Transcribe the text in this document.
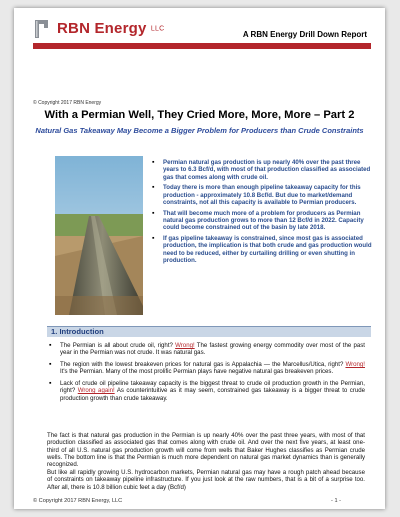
RBN Energy LLC
A RBN Energy Drill Down Report
© Copyright 2017 RBN Energy
With a Permian Well, They Cried More, More, More – Part 2
Natural Gas Takeaway May Become a Bigger Problem for Producers than Crude Constraints
▪ Permian natural gas production is up nearly 40% over the past three years to 6.3 Bcf/d, with most of that production classified as associated gas that comes along with crude oil.
▪ Today there is more than enough pipeline takeaway capacity for this production - approximately 10.8 Bcf/d. But due to market/demand constraints, not all this capacity is available to Permian producers.
▪ That will become much more of a problem for producers as Permian natural gas production grows to more than 12 Bcf/d in 2022. Capacity could become constrained out of the basin by late 2018.
▪ If gas pipeline takeaway is constrained, since most gas is associated production, the implication is that both crude and gas production would need to be reduced, either by curtailing drilling or even shutting in production.
1. Introduction
▪ The Permian is all about crude oil, right? Wrong! The fastest growing energy commodity over most of the past year in the Permian was not crude. It was natural gas.
▪ The region with the lowest breakeven prices for natural gas is Appalachia — the Marcellus/Utica, right? Wrong! It's the Permian. Many of the most prolific Permian plays have negative natural gas breakeven prices.
▪ Lack of crude oil pipeline takeaway capacity is the biggest threat to crude oil production growth in the Permian, right? Wrong again! As counterintuitive as it may seem, constrained gas takeaway is a bigger threat to crude production growth than crude takeaway.

The fact is that natural gas production in the Permian is up nearly 40% over the past three years, with most of that production classified as associated gas that comes along with crude oil. And over the next five years, at least one-third of all U.S. natural gas production growth will come from wells that Baker Hughes classifies as Permian crude wells. The bottom line is that the Permian is much more dependent on natural gas market dynamics than is generally recognized.

But like all rapidly growing U.S. hydrocarbon markets, Permian natural gas may have a rough patch ahead because of constraints on takeaway pipeline infrastructure. If you just look at the raw numbers, that is a bit of a surprise too. After all, there is 10.8 billion cubic feet a day (Bcf/d)

© Copyright 2017 RBN Energy, LLC	- 1 -
